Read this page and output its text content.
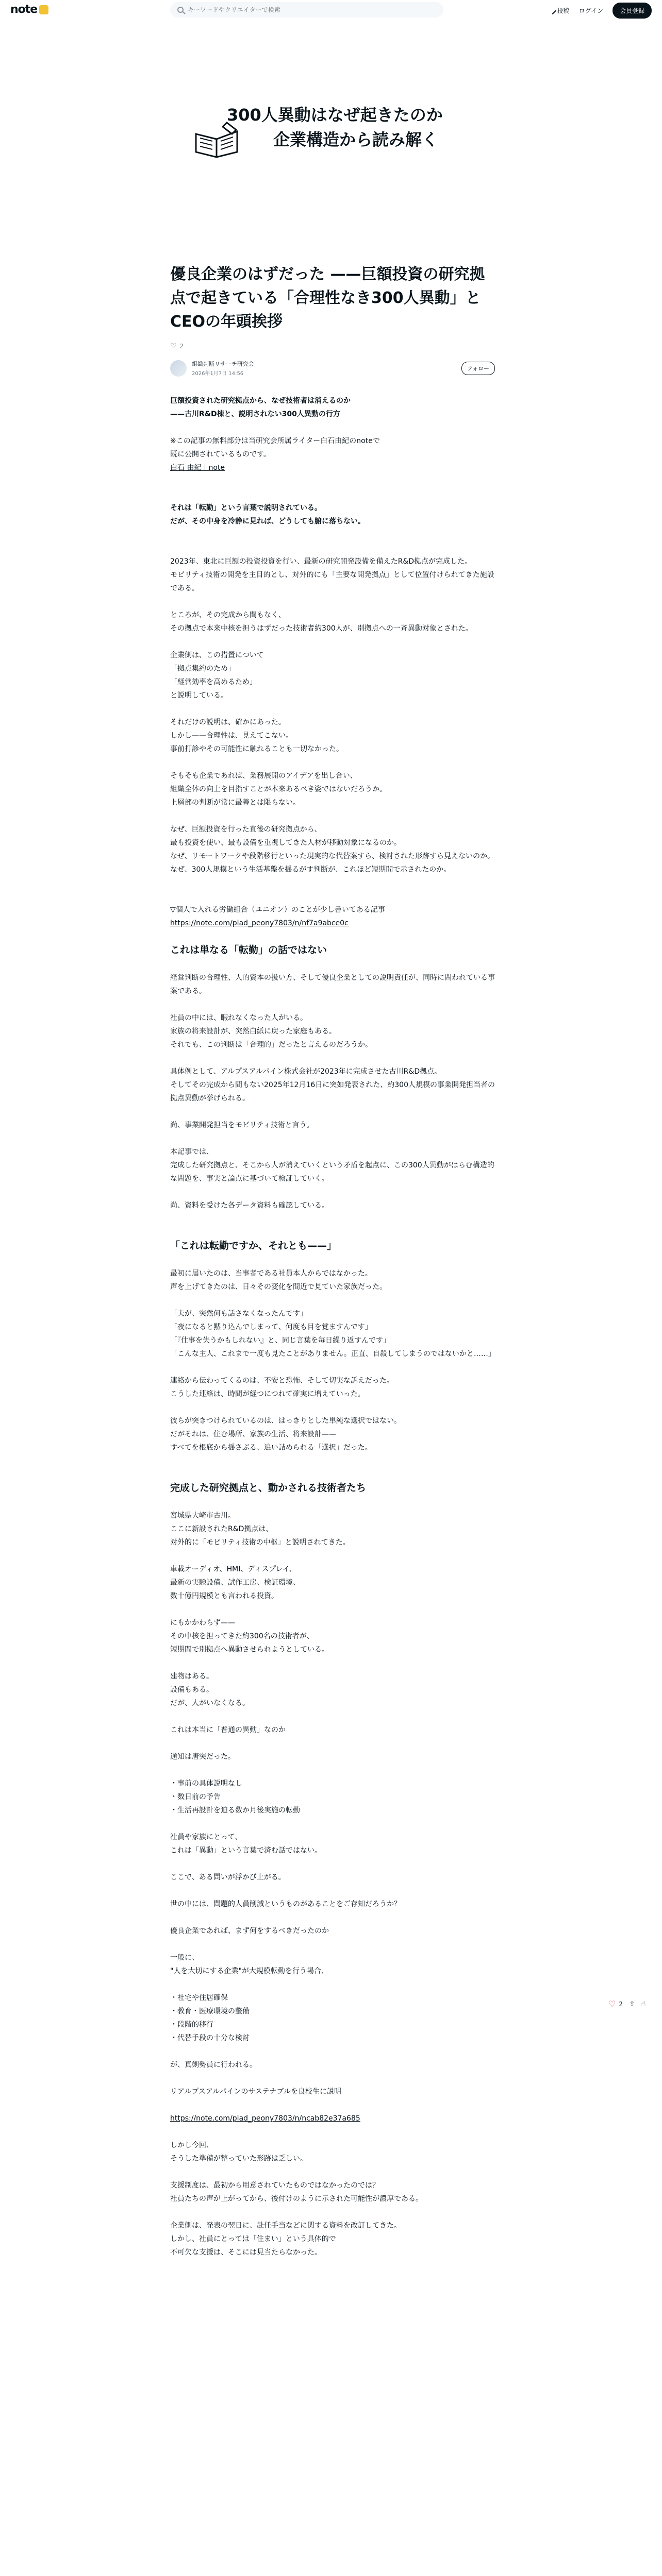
note
キーワードやクリエイターで検索	投稿 ログイン	会員登録
300人異動はなぜ起きたのか
企業構造から読み解く
優良企業のはずだった ——巨額投資の研究拠点で起きている「合理性なき300人異動」とCEOの年頭挨拶
♡ 2
組織判断リサーチ研究会
2026年1月7日 14:56
フォロー
巨額投資された研究拠点から、なぜ技術者は消えるのか
——古川R&D棟と、説明されない300人異動の行方
※この記事の無料部分は当研究会所属ライター白石由紀のnoteで
既に公開されているものです。
白石 由紀｜note
それは「転勤」という言葉で説明されている。
だが、その中身を冷静に見れば、どうしても腑に落ちない。
2023年、東北に巨額の投資投資を行い、最新の研究開発設備を備えたR&D拠点が完成した。
モビリティ技術の開発を主目的とし、対外的にも「主要な開発拠点」として位置付けられてきた施設である。
ところが、その完成から間もなく、
その拠点で本来中核を担うはずだった技術者約300人が、別拠点への一斉異動対象とされた。
企業側は、この措置について
「拠点集約のため」
「経営効率を高めるため」
と説明している。
それだけの説明は、確かにあった。
しかし——合理性は、見えてこない。
事前打診やその可能性に触れることも一切なかった。
そもそも企業であれば、業務展開のアイデアを出し合い、
組織全体の向上を目指すことが本来あるべき姿ではないだろうか。
上層部の判断が常に最善とは限らない。
なぜ、巨額投資を行った直後の研究拠点から、
最も投資を使い、最も設備を重視してきた人材が移動対象になるのか。
なぜ、リモートワークや段階移行といった現実的な代替案すら、検討された形跡すら見えないのか。
なぜ、300人規模という生活基盤を揺るがす判断が、これほど短期間で示されたのか。
▽個人で入れる労働組合（ユニオン）のことが少し書いてある記事
https://note.com/plad_peony7803/n/nf7a9abce0c
これは単なる「転勤」の話ではない
経営判断の合理性、人的資本の扱い方、そして優良企業としての説明責任が、同時に問われている事案である。
社員の中には、暇れなくなった人がいる。
家族の将来設計が、突然白紙に戻った家庭もある。
それでも、この判断は「合理的」だったと言えるのだろうか。
具体例として、アルプスアルパイン株式会社が2023年に完成させた古川R&D拠点。
そしてその完成から間もない2025年12月16日に突如発表された、約300人規模の事業開発担当者の拠点異動が挙げられる。
尚、事業開発担当をモビリティ技術と言う。
本記事では、
完成した研究拠点と、そこから人が消えていくという矛盾を起点に、この300人異動がはらむ構造的な問題を、事実と論点に基づいて検証していく。
尚、資料を受けた各データ資料も確認している。
「これは転勤ですか、それとも——」
最初に届いたのは、当事者である社員本人からではなかった。
声を上げてきたのは、日々その変化を間近で見ていた家族だった。
「夫が、突然何も話さなくなったんです」
「夜になると黙り込んでしまって、何度も目を覚ますんです」
「『仕事を失うかもしれない』と、同じ言葉を毎日繰り返すんです」
「こんな主人、これまで一度も見たことがありません。正直、自殺してしまうのではないかと……」
連絡から伝わってくるのは、不安と恐怖、そして切実な訴えだった。
こうした連絡は、時間が経つにつれて確実に増えていった。
彼らが突きつけられているのは、はっきりとした単純な選択ではない。
だがそれは、住む場所、家族の生活、将来設計——
すべてを根底から揺さぶる、追い詰められる「選択」だった。
完成した研究拠点と、動かされる技術者たち
宮城県大崎市古川。
ここに新設されたR&D拠点は、
対外的に「モビリティ技術の中枢」と説明されてきた。
車載オーディオ、HMI、ディスプレイ、
最新の実験設備、試作工房、検証環境、
数十億円規模とも言われる投資。
にもかかわらず——
その中核を担ってきた約300名の技術者が、
短期間で別拠点へ異動させられようとしている。
建物はある。
設備もある。
だが、人がいなくなる。
これは本当に「普通の異動」なのか
通知は唐突だった。
・事前の具体説明なし
・数日前の予告
・生活再設計を迫る数か月後実施の転勤
社員や家族にとって、
これは「異動」という言葉で済む話ではない。
ここで、ある問いが浮かび上がる。
世の中には、問題的人員削減というものがあることをご存知だろうか？
優良企業であれば、まず何をするべきだったのか
一般に、
"人を大切にする企業"が大規模転勤を行う場合、
・社宅や住居確保
・教育・医療環境の整備
・段階的移行
・代替手段の十分な検討
が、真剣勢員に行われる。
リアルプスアルパインのサステナブルを良校生に説明
https://note.com/plad_peony7803/n/ncab82e37a685
しかし今回、
そうした準備が整っていた形跡は乏しい。
支援制度は、最初から用意されていたものではなかったのでは？
社員たちの声が上がってから、後付けのように示された可能性が濃厚である。
企業側は、発表の翌日に、赴任手当などに関する資料を改訂してきた。
しかし、社員にとっては「住まい」という具体的で
不可欠な支援は、そこには見当たらなかった。
♡ 2 ⇪ ☝
